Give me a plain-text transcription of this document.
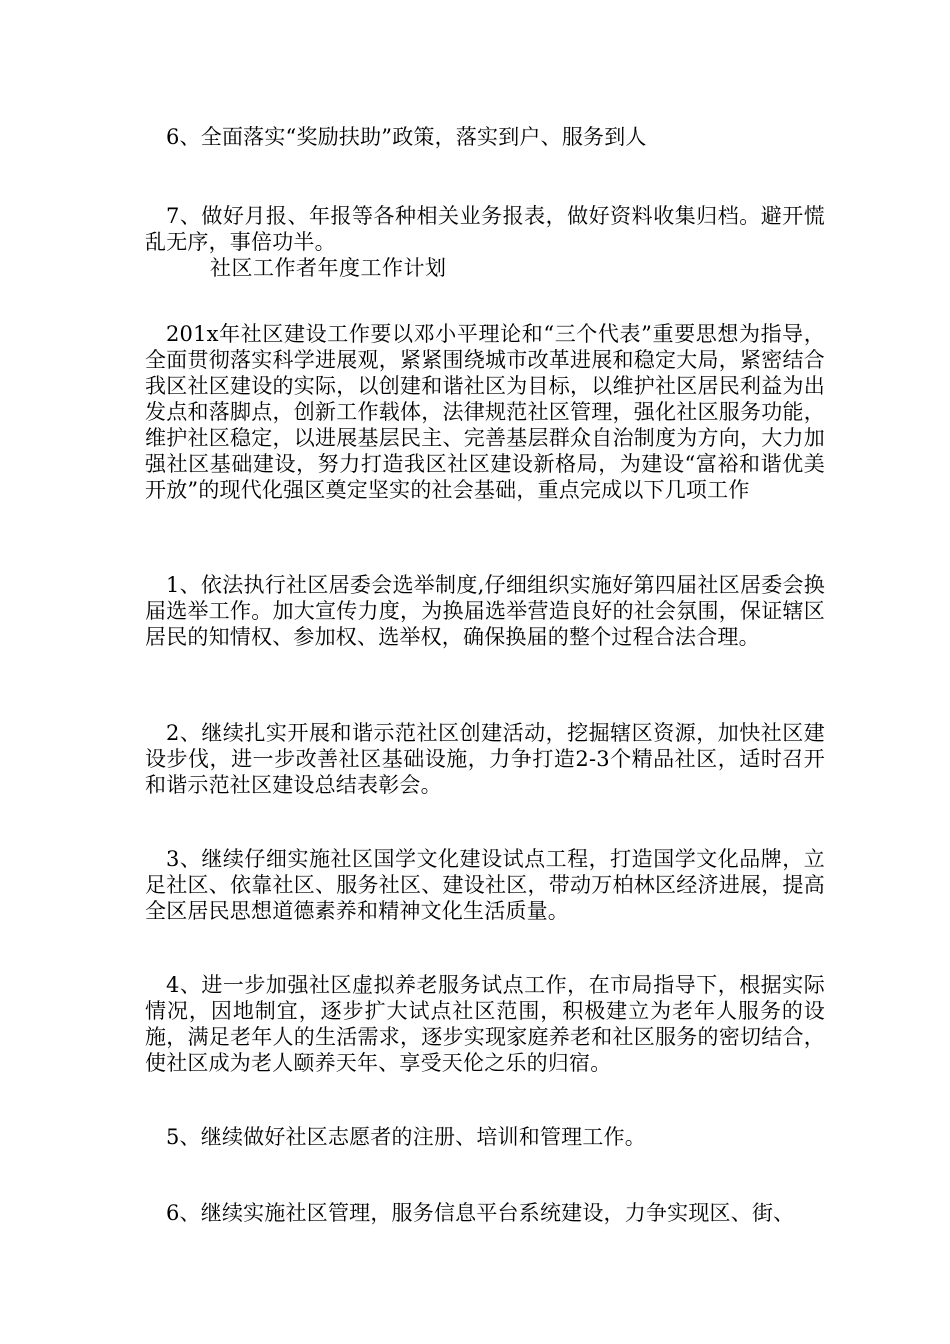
6、全面落实“奖励扶助”政策，落实到户、服务到人

7、做好月报、年报等各种相关业务报表，做好资料收集归档。避开慌乱无序，事倍功半。

社区工作者年度工作计划

201x年社区建设工作要以邓小平理论和“三个代表”重要思想为指导，全面贯彻落实科学进展观，紧紧围绕城市改革进展和稳定大局，紧密结合我区社区建设的实际，以创建和谐社区为目标，以维护社区居民利益为出发点和落脚点，创新工作载体，法律规范社区管理，强化社区服务功能，维护社区稳定，以进展基层民主、完善基层群众自治制度为方向，大力加强社区基础建设，努力打造我区社区建设新格局，为建设“富裕和谐优美开放”的现代化强区奠定坚实的社会基础，重点完成以下几项工作

1、依法执行社区居委会选举制度,仔细组织实施好第四届社区居委会换届选举工作。加大宣传力度，为换届选举营造良好的社会氛围，保证辖区居民的知情权、参加权、选举权，确保换届的整个过程合法合理。

2、继续扎实开展和谐示范社区创建活动，挖掘辖区资源，加快社区建设步伐，进一步改善社区基础设施，力争打造2-3个精品社区，适时召开和谐示范社区建设总结表彰会。

3、继续仔细实施社区国学文化建设试点工程，打造国学文化品牌，立足社区、依靠社区、服务社区、建设社区，带动万柏林区经济进展，提高全区居民思想道德素养和精神文化生活质量。

4、进一步加强社区虚拟养老服务试点工作，在市局指导下，根据实际情况，因地制宜，逐步扩大试点社区范围，积极建立为老年人服务的设施，满足老年人的生活需求，逐步实现家庭养老和社区服务的密切结合，使社区成为老人颐养天年、享受天伦之乐的归宿。

5、继续做好社区志愿者的注册、培训和管理工作。

6、继续实施社区管理，服务信息平台系统建设，力争实现区、街、
